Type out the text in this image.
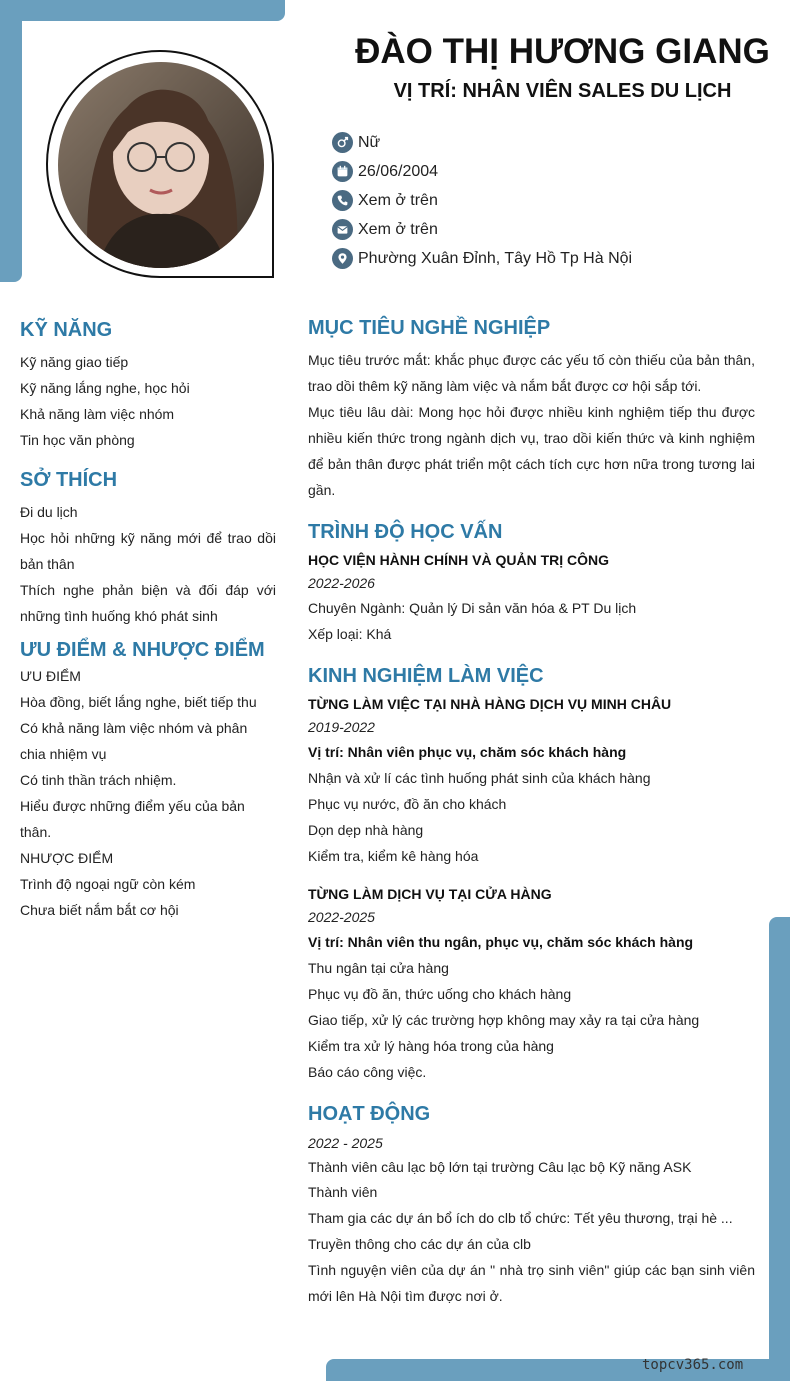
topcv365.com
ĐÀO THỊ HƯƠNG GIANG
VỊ TRÍ: NHÂN VIÊN SALES DU LỊCH
Nữ
26/06/2004
Xem ở trên
Xem ở trên
Phường Xuân Đỉnh, Tây Hồ Tp Hà Nội
KỸ NĂNG
Kỹ năng giao tiếp
Kỹ năng lắng nghe, học hỏi
Khả năng làm việc nhóm
Tin học văn phòng
SỞ THÍCH
Đi du lịch
Học hỏi những kỹ năng mới để trao dồi bản thân
Thích nghe phản biện và đối đáp với những tình huống khó phát sinh
ƯU ĐIỂM & NHƯỢC ĐIỂM
ƯU ĐIỂM
Hòa đồng, biết lắng nghe, biết tiếp thu
Có khả năng làm việc nhóm và phân chia nhiệm vụ
Có tinh thần trách nhiệm.
Hiểu được những điểm yếu của bản thân.
NHƯỢC ĐIỂM
Trình độ ngoại ngữ còn kém
Chưa biết nắm bắt cơ hội
MỤC TIÊU NGHỀ NGHIỆP
Mục tiêu trước mắt: khắc phục được các yếu tố còn thiếu của bản thân, trao dồi thêm kỹ năng làm việc và nắm bắt được cơ hội sắp tới.
Mục tiêu lâu dài: Mong học hỏi được nhiều kinh nghiệm tiếp thu được nhiều kiến thức trong ngành dịch vụ, trao dồi kiến thức và kinh nghiệm để bản thân được phát triển một cách tích cực hơn nữa trong tương lai gần.
TRÌNH ĐỘ HỌC VẤN
HỌC VIỆN HÀNH CHÍNH VÀ QUẢN TRỊ CÔNG
2022-2026
Chuyên Ngành: Quản lý Di sản văn hóa & PT Du lịch
Xếp loại: Khá
KINH NGHIỆM LÀM VIỆC
TỪNG LÀM VIỆC TẠI NHÀ HÀNG DỊCH VỤ MINH CHÂU
2019-2022
Vị trí: Nhân viên phục vụ, chăm sóc khách hàng
Nhận và xử lí các tình huống phát sinh của khách hàng
Phục vụ nước, đồ ăn cho khách
Dọn dẹp nhà hàng
Kiểm tra, kiểm kê hàng hóa
TỪNG LÀM DỊCH VỤ TẠI CỬA HÀNG
2022-2025
Vị trí: Nhân viên thu ngân, phục vụ, chăm sóc khách hàng
Thu ngân tại cửa hàng
Phục vụ đồ ăn, thức uống cho khách hàng
Giao tiếp, xử lý các trường hợp không may xảy ra tại cửa hàng
Kiểm tra xử lý hàng hóa trong của hàng
Báo cáo công việc.
HOẠT ĐỘNG
2022 - 2025
Thành viên câu lạc bộ lớn tại trường Câu lạc bộ Kỹ năng ASK
Thành viên
Tham gia các dự án bổ ích do clb tổ chức: Tết yêu thương, trại hè ...
Truyền thông cho các dự án của clb
Tình nguyện viên của dự án " nhà trọ sinh viên" giúp các bạn sinh viên mới lên Hà Nội tìm được nơi ở.
